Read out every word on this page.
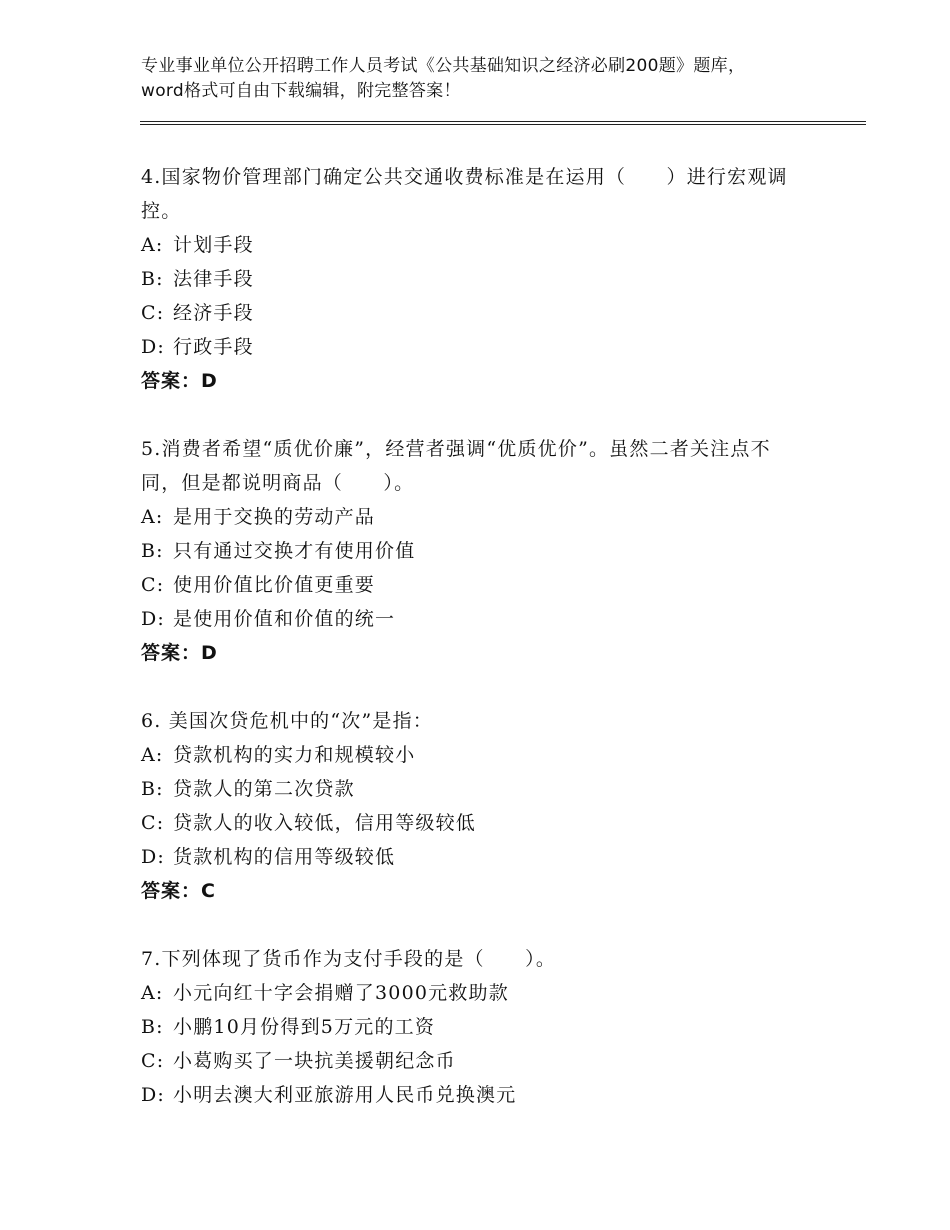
专业事业单位公开招聘工作人员考试《公共基础知识之经济必刷200题》题库，word格式可自由下载编辑，附完整答案！

4.国家物价管理部门确定公共交通收费标准是在运用（　　）进行宏观调控。

A: 计划手段

B: 法律手段

C: 经济手段

D: 行政手段

答案：D

5.消费者希望“质优价廉”，经营者强调“优质优价”。虽然二者关注点不同，但是都说明商品（　　）。

A: 是用于交换的劳动产品

B: 只有通过交换才有使用价值

C: 使用价值比价值更重要

D: 是使用价值和价值的统一

答案：D

6. 美国次贷危机中的“次”是指：

A: 贷款机构的实力和规模较小

B: 贷款人的第二次贷款

C: 贷款人的收入较低，信用等级较低

D: 货款机构的信用等级较低

答案：C

7.下列体现了货币作为支付手段的是（　　）。

A: 小元向红十字会捐赠了3000元救助款

B: 小鹏10月份得到5万元的工资

C: 小葛购买了一块抗美援朝纪念币

D: 小明去澳大利亚旅游用人民币兑换澳元
